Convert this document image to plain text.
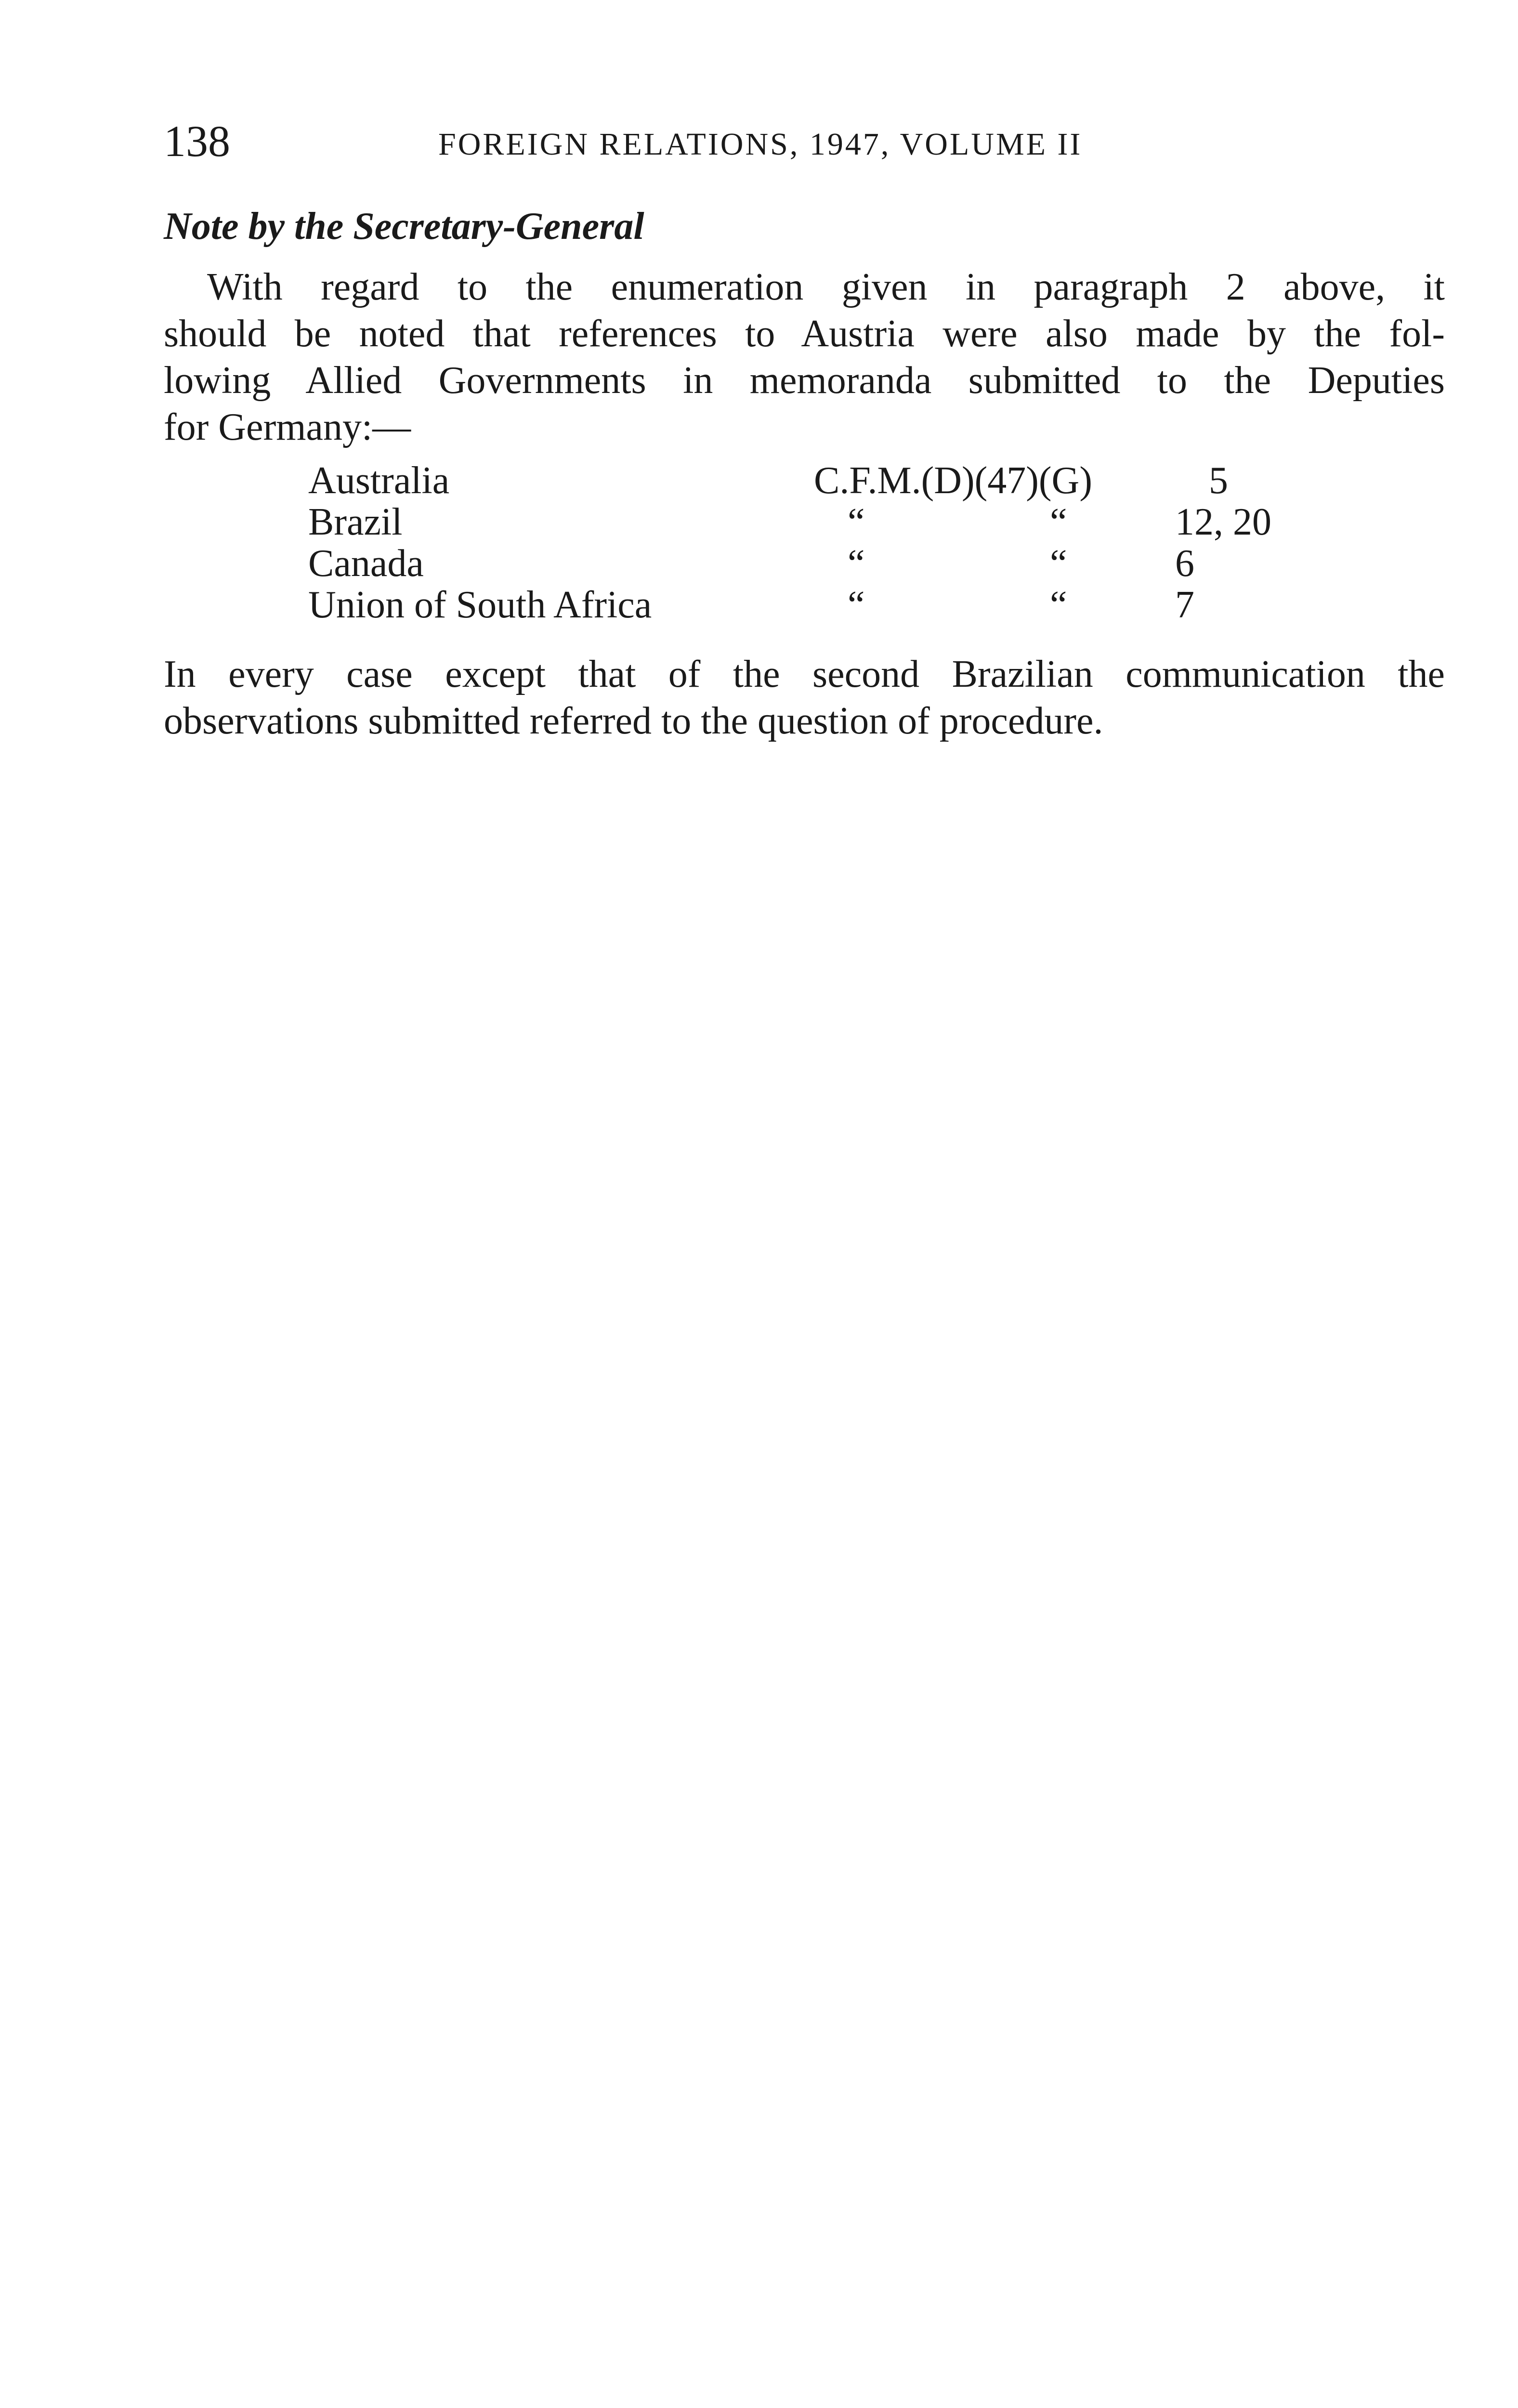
138	FOREIGN RELATIONS, 1947, VOLUME II
Note by the Secretary-General
With regard to the enumeration given in paragraph 2 above, it
should be noted that references to Austria were also made by the fol-
lowing Allied Governments in memoranda submitted to the Deputies
for Germany:—
Australia	C.F.M.(D)(47)(G)	5
Brazil	“	“	12, 20
Canada	“	“	6
Union of South Africa	“	“	7
In every case except that of the second Brazilian communication the
observations submitted referred to the question of procedure.
